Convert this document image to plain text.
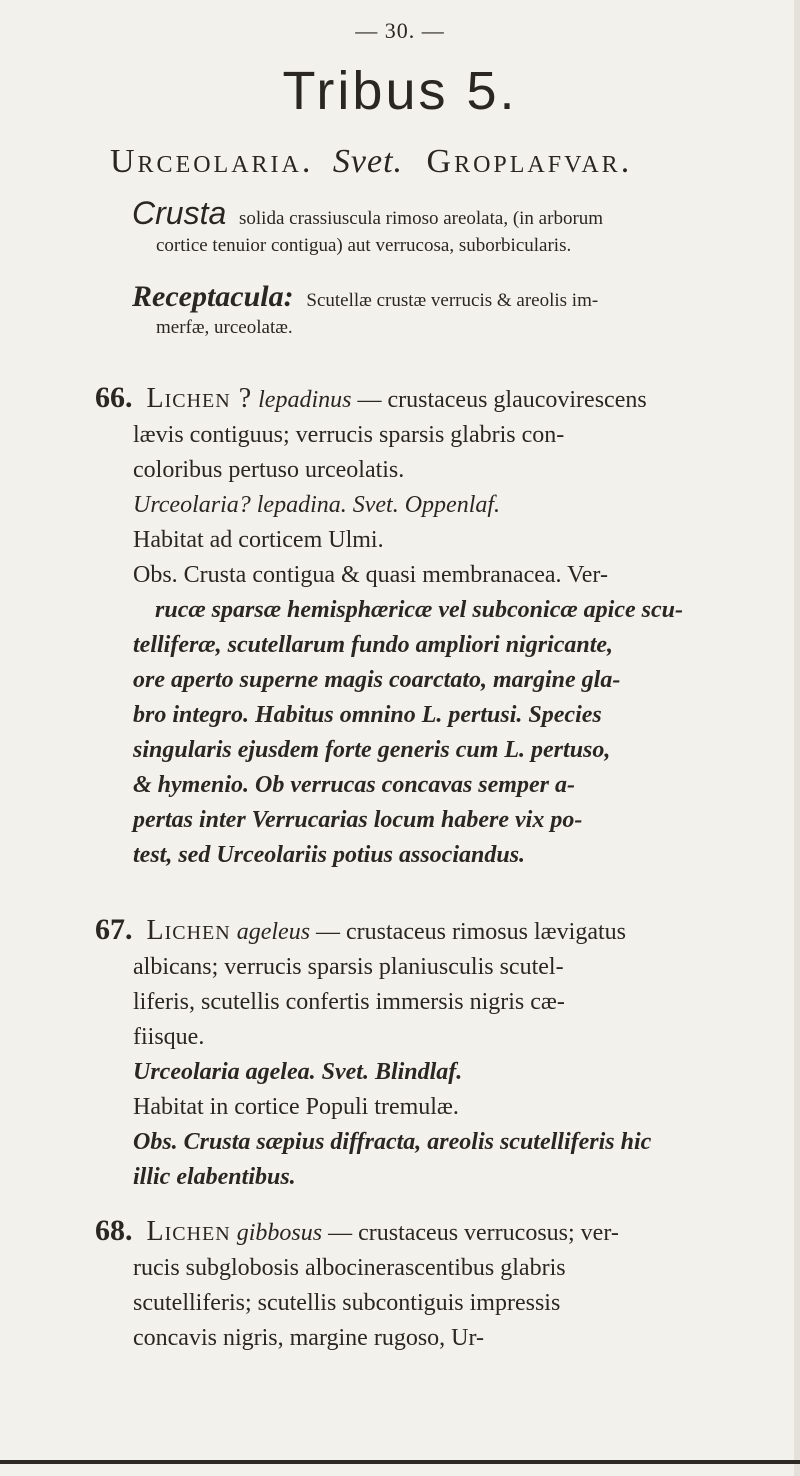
— 30. —
Tribus 5.
Urceolaria. Svet. Groplafvar.
Crusta solida crassiuscula rimoso areolata, (in arborum
cortice tenuior contigua) aut verrucosa, suborbicularis.
Receptacula: Scutellæ crustæ verrucis & areolis im-
merfæ, urceolatæ.
66. Lichen ? lepadinus — crustaceus glaucovirescens
lævis contiguus; verrucis sparsis glabris con-
coloribus pertuso urceolatis.
Urceolaria? lepadina. Svet. Oppenlaf.
Habitat ad corticem Ulmi.
Obs. Crusta contigua & quasi membranacea. Ver-
rucæ sparsæ hemisphæricæ vel subconicæ apice scu-
telliferæ, scutellarum fundo ampliori nigricante,
ore aperto superne magis coarctato, margine gla-
bro integro. Habitus omnino L. pertusi. Species
singularis ejusdem forte generis cum L. pertuso,
& hymenio. Ob verrucas concavas semper a-
pertas inter Verrucarias locum habere vix po-
test, sed Urceolariis potius associandus.
67. Lichen ageleus — crustaceus rimosus lævigatus
albicans; verrucis sparsis planiusculis scutel-
liferis, scutellis confertis immersis nigris cæ-
fiisque.
Urceolaria agelea. Svet. Blindlaf.
Habitat in cortice Populi tremulæ.
Obs. Crusta sæpius diffracta, areolis scutelliferis hic
illic elabentibus.
68. Lichen gibbosus — crustaceus verrucosus; ver-
rucis subglobosis albocinerascentibus glabris
scutelliferis; scutellis subcontiguis impressis
concavis nigris, margine rugoso, Ur-
